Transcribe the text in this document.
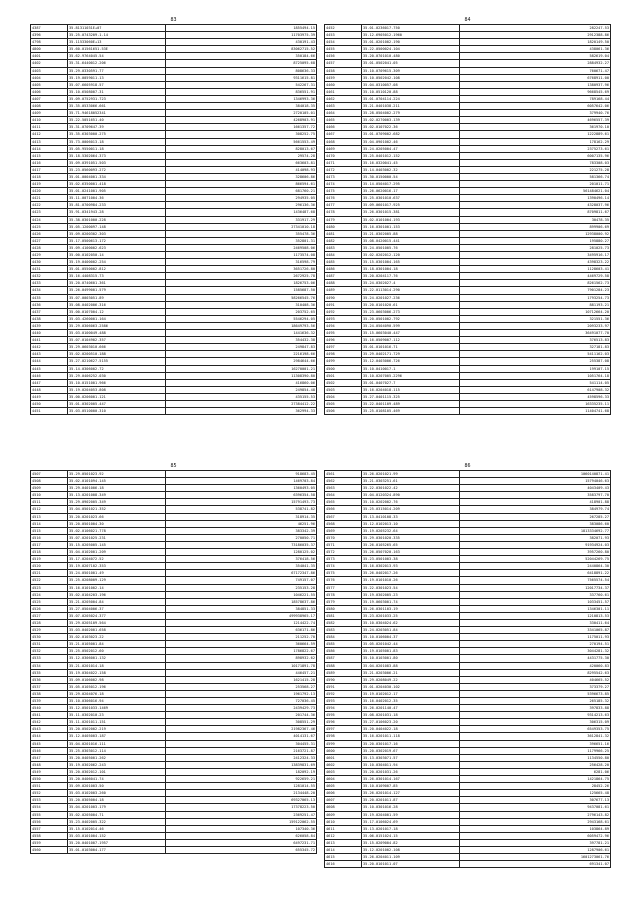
83
4387	35.81311031E+07	1855494.15
4396	35.25-0743209.1.14	11703975.39
4798	35.11533060E+13	430191.43
4800	35.60-01561651.53E	83062715.52
4401	35.62-9764045.54	350184.66
4402	35.31-6440012.206	8725095.68
4403	35.29-0330591.77	808636.33
4404	35.19-0059011.13	9311615.81
4405	35.07-6605918.57	542267.31
4406	35.10-6508007.31	836551.91
4407	35.09-0752931.723	1346993.36
4408	35.35-0533066.661	384018.35
4409	35.71-94618052341	2720105.01
4410	35.22-5051651.40	4268903.91
4411	35.31-0709647.39	1661357.72
4412	35.35-6303000.275	308252.75
4413	35.73-0006013.18	5661553.49
4414	35.05-9550011.18	828013.67
4415	35.18-5302064.373	29574.28
4416	35.09-0391051.503	663603.81
4417	35.23-0560093.272	414098.93
4418	35.01-0004001.334	328606.86
4419	35.02-6350001.418	866594.61
4420	35.01-0241001.905	681760.21
4421	35.11-0071004.36	294935.05
4422	35.81-0700984.233	296136.36
4423	35.91-0341943.28	1436487.68
4424	35.38-0301000.228	331917.29
4425	35.05-1200097.148	27341010.18
4426	35.09-0200302.303	355478.36
4427	35.17-0500613.172	352801.31
4428	35.09-4100002.623	2469508.06
4429	35.00-0102050.14	1173574.08
4430	35.19-0400002.254	316598.79
4431	35.01-0550002.812	3651726.80
4432	35.16-4408315.73	2672925.78
4433	35.20-0740601.361	1826753.06
4434	35.26-0499001.579	1585687.50
4435	35.07-0003051.89	58266545.76
4436	35.08-0402006.316	310408.36
4437	35.00-0107004.12	203752.65
4438	35.03-4260001.164	5546294.05
4439	35.29-0306063.2586	18649793.56
4440	35.03-0100049.488	1441636.32
4441	35.07-0104902.357	354432.38
4442	35.29-0603010.666	249847.83
4443	35.02-0200510.188	2216198.66
4444	35.27-0210627.5155	2984644.66
4445	35.14-0306002.72	16270001.21
4446	35.29-0406252.030	11308390.80
4447	35.10-0151001.966	416860.06
4448	35.19-0204053.808	249854.48
4449	35.00-0206001.121	435155.53
4450	35.01-0302005.447	27384412.22
4451	35.03-0510000.310	362994.33
84
4452	35.01-0236017.750	282247.53
4453	35.12-6905012.1960	2912388.86
4454	35.01-0201002.190	1820149.50
4455	35.22-0500024.104	438061.36
4456	35.20-0701010.480	582619.04
4457	35.01-0502041.05	2884932.27
4458	35.10-0709615.309	760671.47
4459	35.10-0502042.108	6768911.00
4460	35.04-0310057.08	1380937.96
4461	35.10-0510120.88	9668545.69
4462	35.01-0704114.224	789168.44
4463	35.21-0401038.211	6057642.06
4464	35.28-0504002.279	379940.76
4465	35.02-0270003.139	4696557.39
4466	35.02-0107022.36	361970.10
4467	35.01-0709002.682	1222889.61
4468	35.04-0901002.46	178162.29
4469	35.24-0205004.47	2375273.61
4470	35.25-0401012.152	6007135.96
4471	35.16-0320041.45	783308.03
4472	35.14-0403002.32	221275.28
4473	35.30-0150000.54	581366.74
4474	35.14-0504017.295	201011.71
4475	35.26-0620016.17	561484621.04
4476	35.25-0301010.637	1390496.14
4477	35.09-0601017.925	4328037.96
4478	35.26-0301015.381	8709811.67
4479	35.02-0101004.193	30478.35
4480	35.16-0301001.153	899906.69
4481	35.21-0302005.88	12938000.92
4482	35.08-0420015.441	195880.27
4483	35.24-0501005.76	281025.73
4484	35.02-0202012.120	3495916.17
4485	35.15-0301004.165	4398323.22
4486	35.18-0301004.18	1128603.41
4487	35.20-0204117.76	4469729.58
4488	35.24-0302027.4	8261562.73
4489	35.22-0113014.290	7901284.23
4490	35.24-0201027.236	1793254.73
4491	35.20-0101020.61	881193.21
4492	35.23-0603006.273	10712664.20
4493	35.20-0501002.792	321551.36
4494	35.24-0504090.599	2093233.97
4495	35.15-0603040.447	36491077.70
4496	35.16-0509007.112	376513.83
4497	35.01-0101016.71	327181.83
4498	35.29-0402171.729	5411162.03
4499	35.12-0403006.726	255387.08
4500	35.10-0410017.1	199107.15
4501	35.10-0207005.2296	1051764.18
4502	35.01-0407027.7	541114.05
4503	35.16-0204018.115	6147908.32
4504	35.27-0401115.325	4598596.33
4505	35.22-0401109.489	16335235.11
4506	35.25-0108105.469	11404741.68
85
4507	35.29-0501023.92	918683.45
4508	35.02-0101094.145	1469703.84
4509	35.29-0401006.18	1360493.05
4510	35.13-0201008.349	6396354.58
4511	35.29-0902005.349	15791493.73
4512	35.04-0501021.352	538741.82
4513	35.20-0201023.66	318914.35
4514	35.20-0501004.30	46251.96
4515	35.02-0106021.778	383342.39
4516	35.07-0201025.231	270050.71
4517	35.15-0205005.145	73186035.37
4518	35.04-0102001.209	1280125.02
4519	35.17-0204072.52	376418.56
4520	35.19-0207102.353	354041.35
4521	35.24-0501001.49	67172347.86
4522	35.25-0208009.129	749157.07
4523	35.16-0101002.14	235153.28
4524	35.02-0104203.196	1046221.55
4525	35.21-0205004.84	18578637.86
4526	35.27-0504006.37	384851.33
4527	35.07-0205024.377	499938965.17
4528	35.29-0205109.564	1214422.74
4529	35.03-0402001.658	636171.86
4530	35.02-0103023.22	211252.70
4531	35.21-0105001.84	360664.59
4532	35.25-0502012.60	1786822.67
4533	35.12-0306001.132	898932.62
4534	35.21-0201014.18	10171891.78
4535	35.19-0304022.158	446457.21
4536	35.09-0106002.98	1621415.28
4537	35.05-0105012.196	253568.27
4538	35.29-0204076.18	1961792.13
4539	35.10-0306016.94	727036.45
4540	35.12-0501033.1469	2439429.73
4541	35.11-0302010.23	201744.36
4542	35.11-0201011.151	308551.29
4543	35.20-0502002.219	21982367.46
4544	35.12-0405003.187	4014131.67
4545	35.04-0201016.111	304455.31
4546	35.25-0303012.114	2163721.87
4547	35.20-0405001.262	2412324.33
4548	35.19-0302062.243	13839831.69
4549	35.20-0302012.101	182092.19
4550	35.20-0406041.74	922659.21
4551	35.09-0201003.50	1281014.55
4552	35.03-0102003.260	2134448.20
4553	35.20-0305004.18	69327065.13
4554	35.04-0201003.179	17378223.50
4555	35.02-0205004.71	2369251.47
4556	35.23-0402005.322	159122062.55
4557	35.15-0102014.46	107340.36
4558	35.03-0101004.152	626058.84
4559	35.20-0401007.1957	6497231.71
4560	35.01-0103004.177	655345.72
86
4561	35.26-0201021.99	1060140871.41
4562	35.21-0303251.61	15794046.63
4563	35.22-0301022.42	4043409.43
4564	35.04-0120324.890	3583797.70
4565	35.10-0202002.76	418901.88
4566	35.25-0315014.209	384979.74
4567	35.13-0410108.33	267285.27
4568	35.12-0102013.10	383086.60
4569	35.19-0205232.64	1813334692.77
4570	35.29-0301020.335	382071.93
4571	35.26-0105265.65	91934924.03
4572	35.26-0507020.163	3957260.80
4573	35.23-0501003.38	52044269.75
4574	35.16-0302013.93	2440864.30
4575	35.26-0402017.26	6418891.22
4576	35.19-0101010.26	7565574.54
4577	35.22-0301023.54	12017734.37
4578	35.19-0302005.23	337760.61
4579	35.19-0603001.74	1033451.57
4580	35.26-0301103.19	1346301.11
4581	35.23-0201033.25	1210813.53
4582	35.10-0304024.62	330411.64
4583	35.24-0203051.84	3341065.87
4584	35.10-0106004.37	1175011.93
4585	35.05-0201042.44	270194.51
4586	35.19-0105001.83	3044281.32
4587	35.10-0103001.80	4431775.30
4588	35.04-0201083.88	420060.83
4589	35.21-0203006.21	8295542.63
4590	35.29-0208049.22	404665.52
4591	35.01-0204030.102	373379.27
4592	35.19-0102012.17	5396673.85
4593	35.16-0402012.35	265185.32
4594	35.26-0201140.47	397833.88
4595	35.08-0201031.18	9314213.63
4596	35.27-0106023.20	306315.09
4597	35.20-0404022.18	6549353.75
4598	35.16-0201011.118	3612841.32
4599	35.20-0301017.16	396651.16
4600	35.20-0302019.67	1179966.25
4601	35.13-0303071.57	1134550.80
4602	35.10-0304011.94	256428.20
4603	35.20-0201031.26	6281.06
4604	35.26-0301014.167	1421864.75
4605	35.10-0109007.85	28452.26
4606	35.26-0201014.127	125665.48
4607	35.20-0201011.87	307677.13
4608	35.10-0301016.28	9437081.61
4609	35.19-0204001.59	2796143.82
4610	35.17-0106024.69	2943168.61
4611	35.13-0201017.18	103864.89
4612	35.06-0151024.15	6059472.96
4613	35.15-0209004.82	397781.21
4614	35.12-0201002.108	1287906.61
4615	35.26-0204011.109	1601273061.76
4616	35.20-0101011.07	691341.07
